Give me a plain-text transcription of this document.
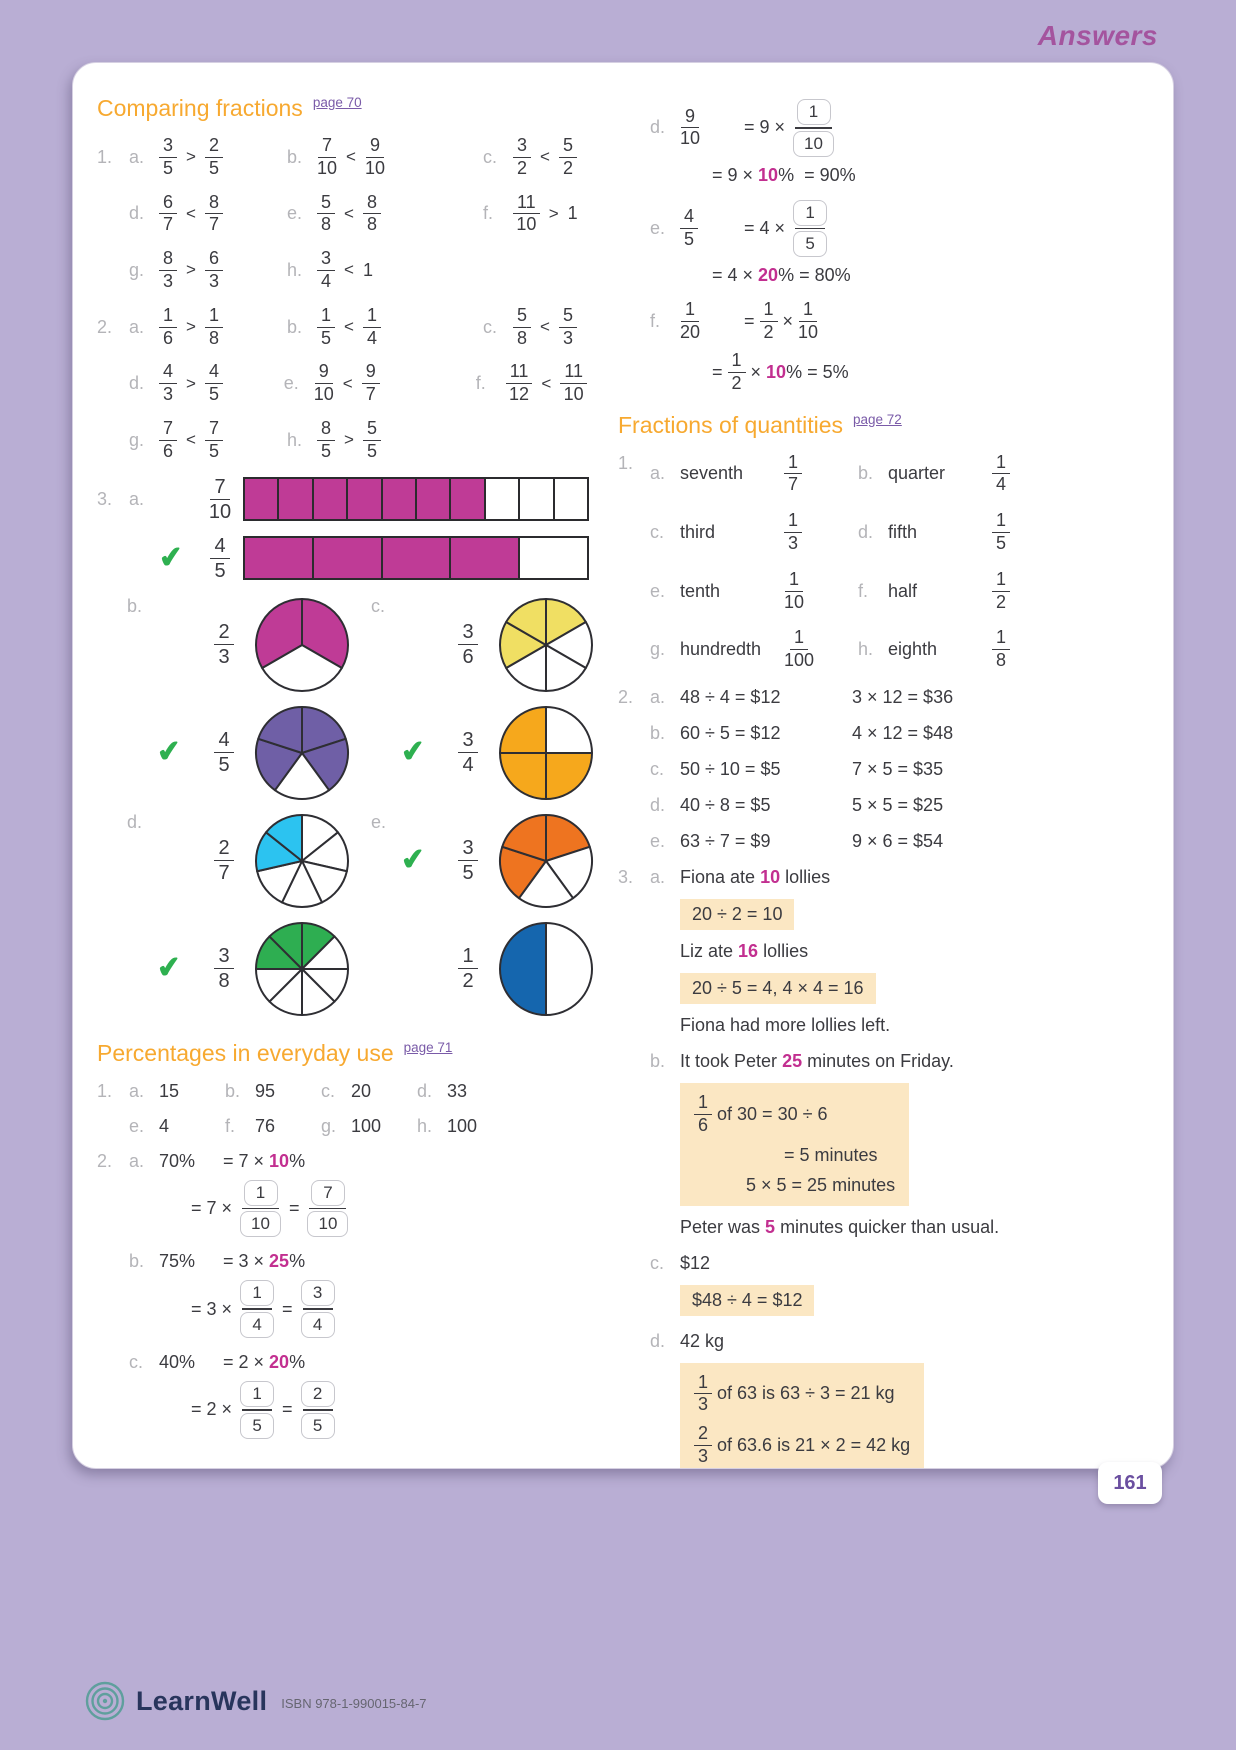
Answers
Comparing fractions $^{page 70}$
1. a. $\frac{3}{5} > \frac{2}{5}$	b. $\frac{7}{10} < \frac{9}{10}$	c. $\frac{3}{2} < \frac{5}{2}$
d. $\frac{6}{7} < \frac{8}{7}$	e. $\frac{5}{8} < \frac{8}{8}$	f.	$\frac{11}{10} > 1$
g. $\frac{8}{3} > \frac{6}{3}$	h. $\frac{3}{4} < 1$
2. a. $\frac{1}{6} > \frac{1}{8}$	b. $\frac{1}{5} < \frac{1}{4}$	c. $\frac{5}{8} < \frac{5}{3}$
d. $\frac{4}{3} > \frac{4}{5}$	e. $\frac{9}{10} < \frac{9}{7}$	f.	$\frac{11}{12} < \frac{11}{10}$
g. $\frac{7}{6} < \frac{7}{5}$	h. $\frac{8}{5} > \frac{5}{5}$
3. a.	$\frac{7}{10}$
✔	$\frac{4}{5}$
b.
$\frac{2}{3}$
✔	$\frac{4}{5}$
c.
$\frac{3}{6}$
✔	$\frac{3}{4}$
d.
$\frac{2}{7}$
✔	$\frac{3}{8}$
e.
✔	$\frac{3}{5}$
$\frac{1}{2}$
Percentages in everyday use $^{page 71}$
1. a. 15	b. 95	c. 20	d. 33
e. 4	f.	76	g. 100	h. 100
2. a. 70%	= 7 × 10 %
= $7 \times \frac{1}{10} = \frac{7}{10}$
b. 75%	= 3 × 25 %
= $3 \times \frac{1}{4} = \frac{3}{4}$
c. 40%	= 2 × 20 %
= $2 \times \frac{1}{5} = \frac{2}{5}$
d. $\frac{9}{10} = 9 \times \frac{1}{10}$
= 9 × 10 %  = 90%
e. $\frac{4}{5}$	= $4 \times \frac{1}{5}$
= 4 × 20 % = 80%
f.	$\frac{1}{20} = \frac{1}{2} \times \frac{1}{10}$
= $\frac{1}{2} \times 10$ % = 5%
Fractions of quantities $^{page 72}$
1.
a. seventh	$\frac{1}{7}$	b. quarter	$\frac{1}{4}$
c. third	$\frac{1}{3}$	d. fifth	$\frac{1}{5}$
e. tenth	$\frac{1}{10}$	f.	half	$\frac{1}{2}$
g. hundredth	$\frac{1}{100} h$. eighth	$\frac{1}{8}$
2. a. 48 ÷ 4 = $12	3 × 12 = $36
b. 60 ÷ 5 = $12	4 × 12 = $48
c. 50 ÷ 10 = $5	7 × 5 = $35
d. 40 ÷ 8 = $5	5 × 5 = $25
e. 63 ÷ 7 = $9	9 × 6 = $54
3. a. Fiona ate 10 lollies
20 ÷ 2 = 10
Liz ate 16 lollies
20 ÷ 5 = 4, 4 × 4 = 16
Fiona had more lollies left.
b. It took Peter 25 minutes on Friday.
$\frac{1}{6}$ of 30 = 30 ÷ 6
= 5 minutes
5 × 5 = 25 minutes
Peter was 5 minutes quicker than usual.
c. $12
$48 ÷ 4 = $12
d. 42 kg
$\frac{1}{3}$ of 63 is 63 ÷ 3 = 21 kg
$\frac{2}{3}$ of 63.6 is 21 × 2 = 42 kg
LearnWell ISBN 978-1-990015-84-7
161
